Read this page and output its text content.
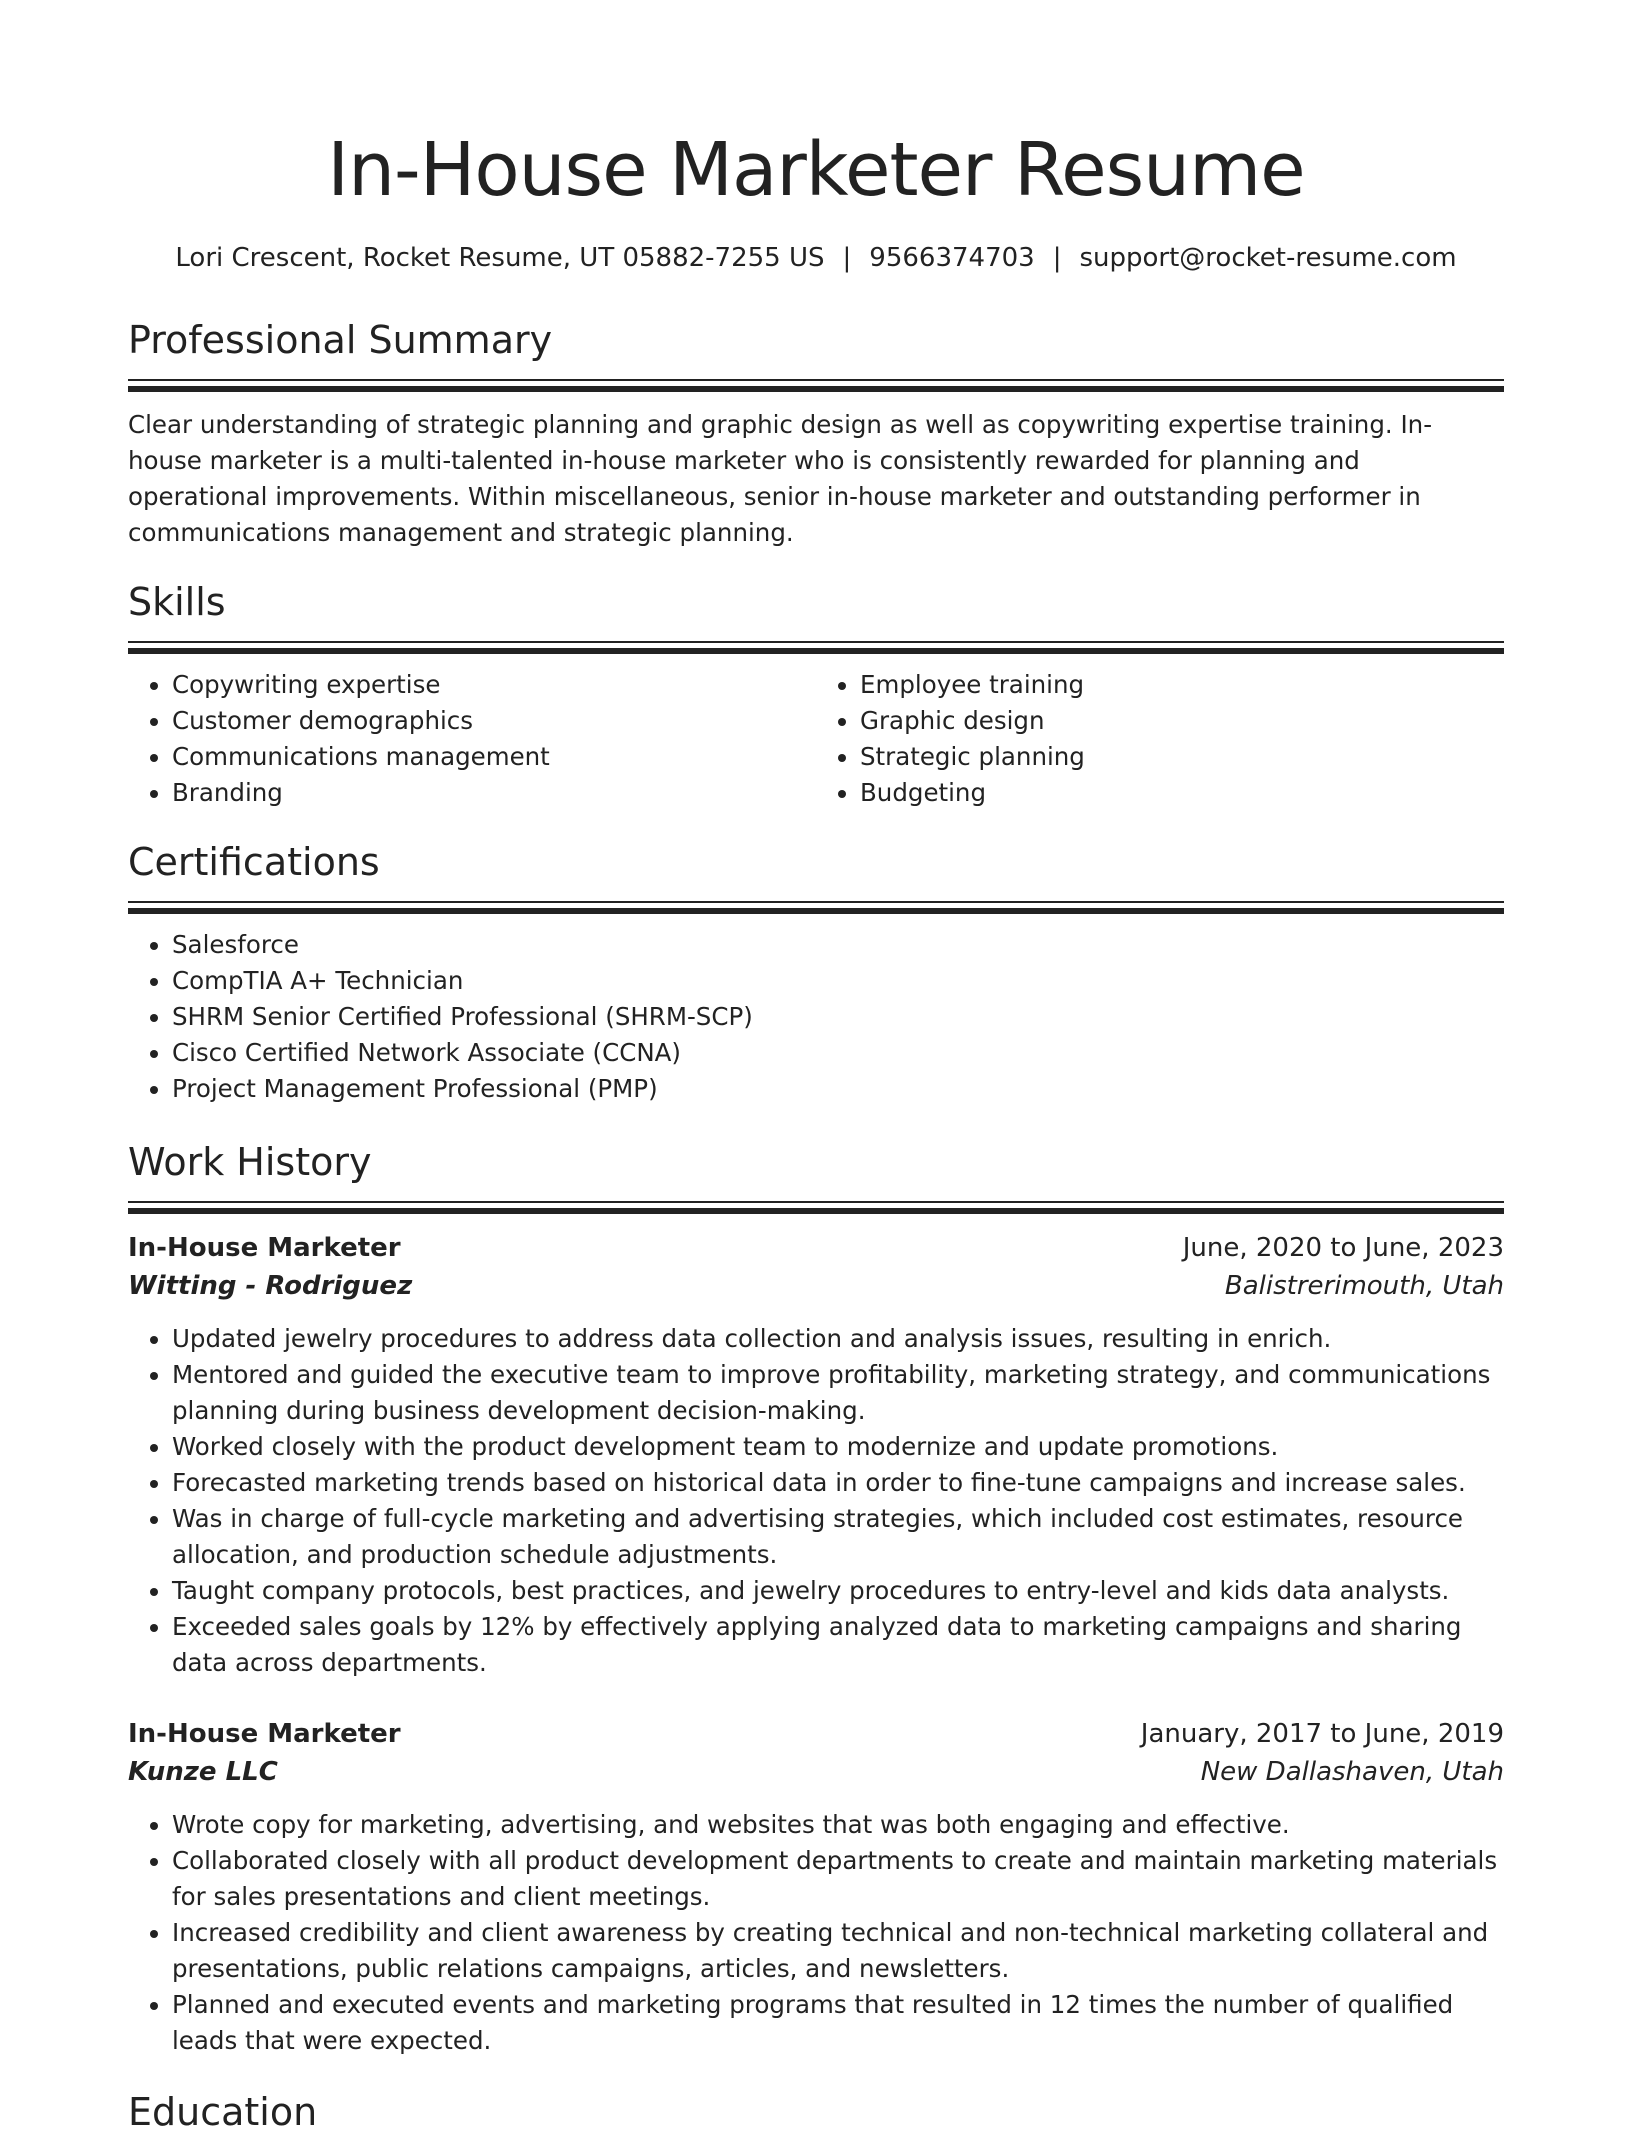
In-House Marketer Resume
Lori Crescent, Rocket Resume, UT 05882-7255 US | 9566374703 | support@rocket-resume.com
Professional Summary

Clear understanding of strategic planning and graphic design as well as copywriting expertise training. In-house marketer is a multi-talented in-house marketer who is consistently rewarded for planning and operational improvements. Within miscellaneous, senior in-house marketer and outstanding performer in communications management and strategic planning.

Skills
• Copywriting expertise
• Customer demographics
• Communications management
• Branding
• Employee training
• Graphic design
• Strategic planning
• Budgeting
Certifications
• Salesforce
• CompTIA A+ Technician
• SHRM Senior Certified Professional (SHRM-SCP)
• Cisco Certified Network Associate (CCNA)
• Project Management Professional (PMP)
Work History
In-House Marketer	June, 2020 to June, 2023
Witting - Rodriguez	Balistrerimouth, Utah
• Updated jewelry procedures to address data collection and analysis issues, resulting in enrich.
• Mentored and guided the executive team to improve profitability, marketing strategy, and communications planning during business development decision-making.
• Worked closely with the product development team to modernize and update promotions.
• Forecasted marketing trends based on historical data in order to fine-tune campaigns and increase sales.
• Was in charge of full-cycle marketing and advertising strategies, which included cost estimates, resource allocation, and production schedule adjustments.
• Taught company protocols, best practices, and jewelry procedures to entry-level and kids data analysts.
• Exceeded sales goals by 12% by effectively applying analyzed data to marketing campaigns and sharing data across departments.
In-House Marketer	January, 2017 to June, 2019
Kunze LLC	New Dallashaven, Utah
• Wrote copy for marketing, advertising, and websites that was both engaging and effective.
• Collaborated closely with all product development departments to create and maintain marketing materials for sales presentations and client meetings.
• Increased credibility and client awareness by creating technical and non-technical marketing collateral and presentations, public relations campaigns, articles, and newsletters.
• Planned and executed events and marketing programs that resulted in 12 times the number of qualified leads that were expected.
Education
